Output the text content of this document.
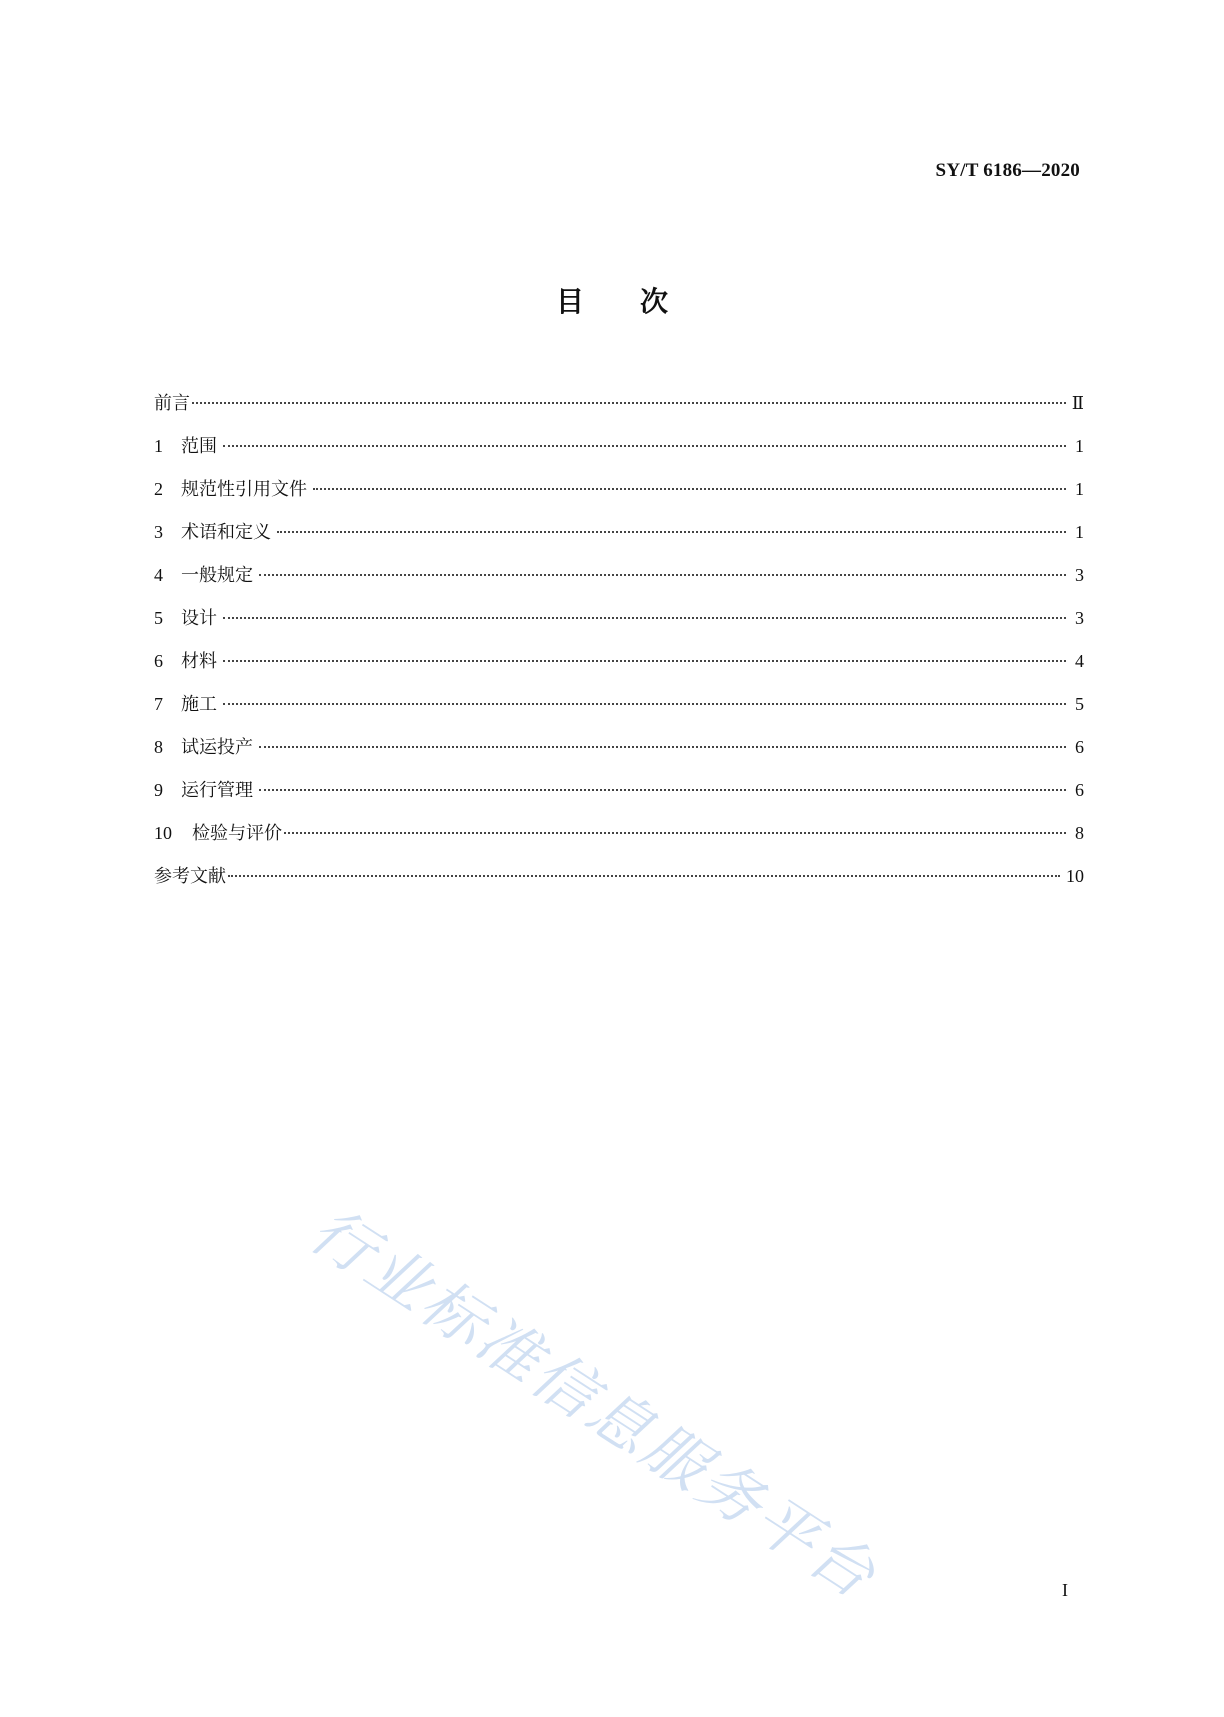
SY/T 6186—2020
目次
前言	Ⅱ
1 范围	1
2 规范性引用文件	1
3 术语和定义	1
4 一般规定	3
5 设计	3
6 材料	4
7 施工	5
8 试运投产	6
9 运行管理	6
10 检验与评价	8
参考文献	10
行业标准信息服务平台	I
